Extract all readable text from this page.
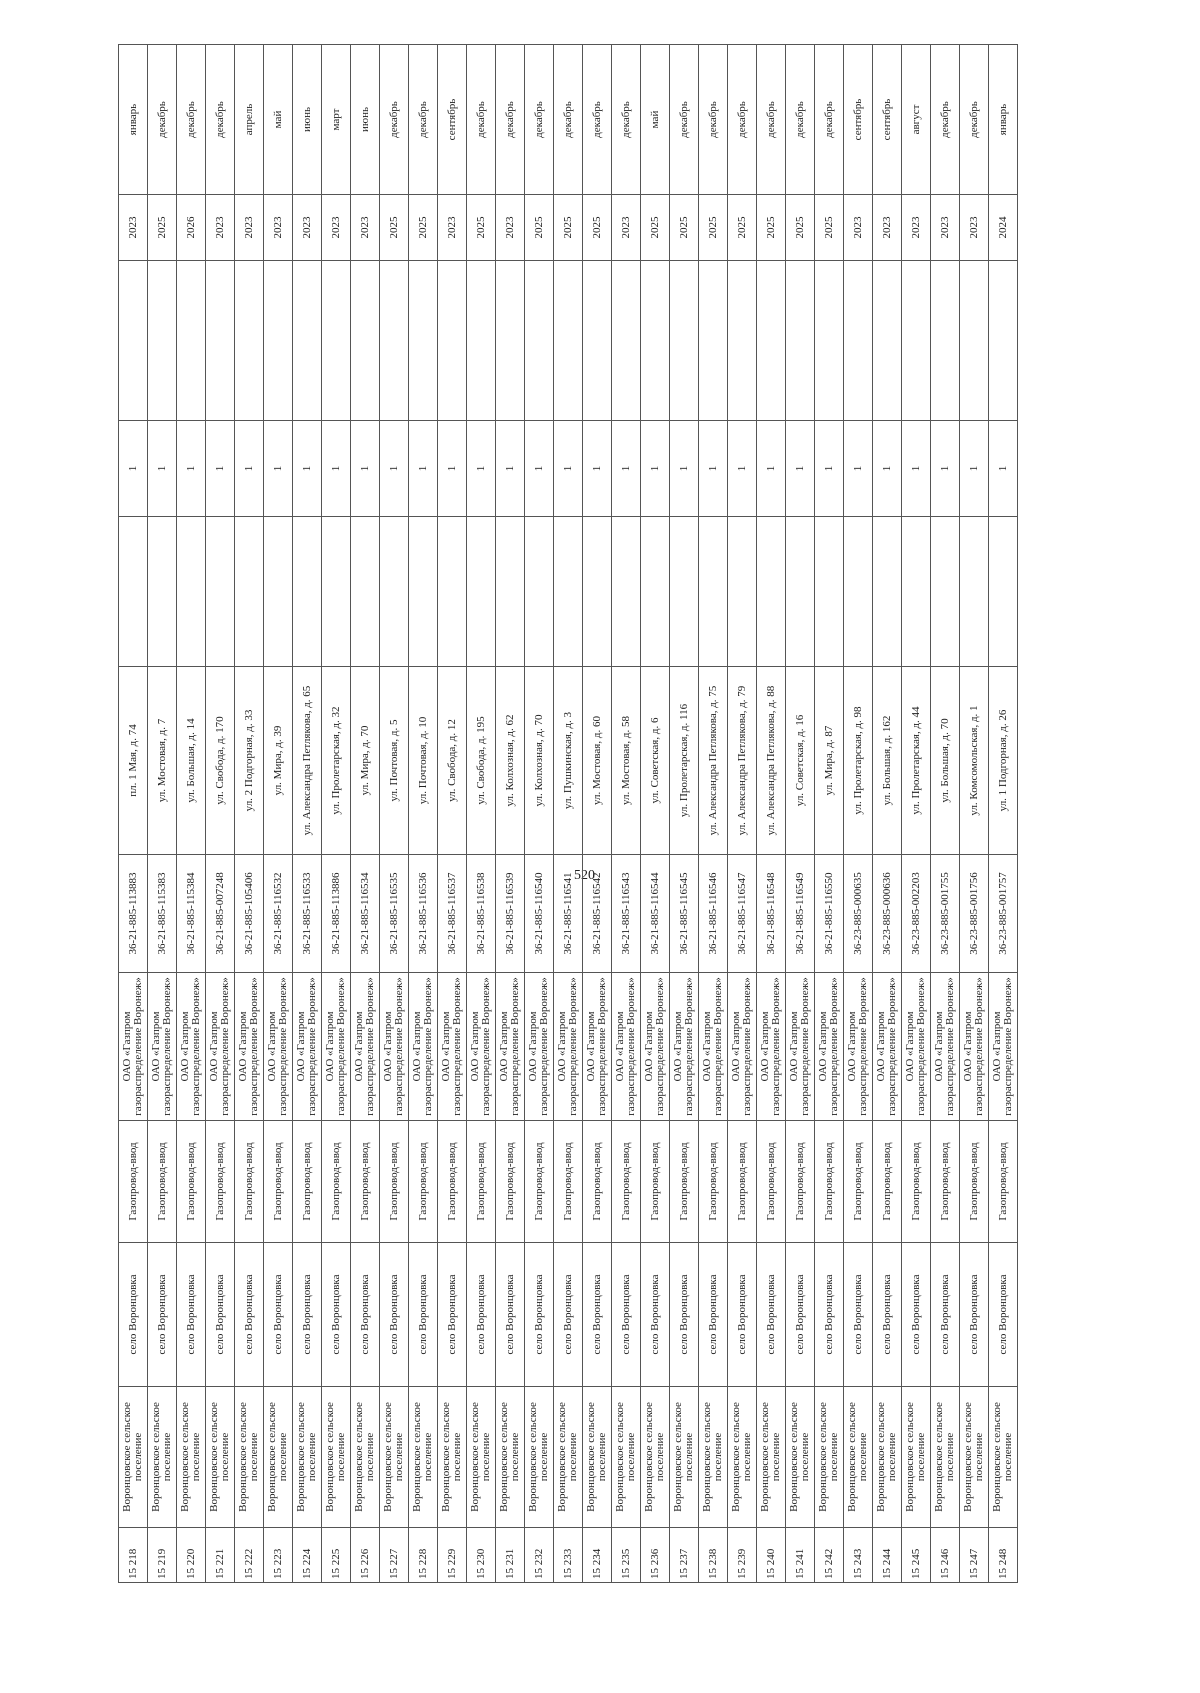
520
15 218	Воронцовское сельское поселение	село Воронцовка	Газопровод-ввод	ОАО «Газпром газораспределение Воронеж»	36-21-885-113883	пл. 1 Мая, д. 74		1		2023	январь
15 219	Воронцовское сельское поселение	село Воронцовка	Газопровод-ввод	ОАО «Газпром газораспределение Воронеж»	36-21-885-115383	ул. Мостовая, д. 7		1		2025	декабрь
15 220	Воронцовское сельское поселение	село Воронцовка	Газопровод-ввод	ОАО «Газпром газораспределение Воронеж»	36-21-885-115384	ул. Большая, д. 14		1		2026	декабрь
15 221	Воронцовское сельское поселение	село Воронцовка	Газопровод-ввод	ОАО «Газпром газораспределение Воронеж»	36-21-885-007248	ул. Свобода, д. 170		1		2023	декабрь
15 222	Воронцовское сельское поселение	село Воронцовка	Газопровод-ввод	ОАО «Газпром газораспределение Воронеж»	36-21-885-105406	ул. 2 Подгорная, д. 33		1		2023	апрель
15 223	Воронцовское сельское поселение	село Воронцовка	Газопровод-ввод	ОАО «Газпром газораспределение Воронеж»	36-21-885-116532	ул. Мира, д. 39		1		2023	май
15 224	Воронцовское сельское поселение	село Воронцовка	Газопровод-ввод	ОАО «Газпром газораспределение Воронеж»	36-21-885-116533	ул. Александра Петлякова, д. 65		1		2023	июнь
15 225	Воронцовское сельское поселение	село Воронцовка	Газопровод-ввод	ОАО «Газпром газораспределение Воронеж»	36-21-885-113886	ул. Пролетарская, д. 32		1		2023	март
15 226	Воронцовское сельское поселение	село Воронцовка	Газопровод-ввод	ОАО «Газпром газораспределение Воронеж»	36-21-885-116534	ул. Мира, д. 70		1		2023	июнь
15 227	Воронцовское сельское поселение	село Воронцовка	Газопровод-ввод	ОАО «Газпром газораспределение Воронеж»	36-21-885-116535	ул. Почтовая, д. 5		1		2025	декабрь
15 228	Воронцовское сельское поселение	село Воронцовка	Газопровод-ввод	ОАО «Газпром газораспределение Воронеж»	36-21-885-116536	ул. Почтовая, д. 10		1		2025	декабрь
15 229	Воронцовское сельское поселение	село Воронцовка	Газопровод-ввод	ОАО «Газпром газораспределение Воронеж»	36-21-885-116537	ул. Свобода, д. 12		1		2023	сентябрь
15 230	Воронцовское сельское поселение	село Воронцовка	Газопровод-ввод	ОАО «Газпром газораспределение Воронеж»	36-21-885-116538	ул. Свобода, д. 195		1		2025	декабрь
15 231	Воронцовское сельское поселение	село Воронцовка	Газопровод-ввод	ОАО «Газпром газораспределение Воронеж»	36-21-885-116539	ул. Колхозная, д. 62		1		2023	декабрь
15 232	Воронцовское сельское поселение	село Воронцовка	Газопровод-ввод	ОАО «Газпром газораспределение Воронеж»	36-21-885-116540	ул. Колхозная, д. 70		1		2025	декабрь
15 233	Воронцовское сельское поселение	село Воронцовка	Газопровод-ввод	ОАО «Газпром газораспределение Воронеж»	36-21-885-116541	ул. Пушкинская, д. 3		1		2025	декабрь
15 234	Воронцовское сельское поселение	село Воронцовка	Газопровод-ввод	ОАО «Газпром газораспределение Воронеж»	36-21-885-116542	ул. Мостовая, д. 60		1		2025	декабрь
15 235	Воронцовское сельское поселение	село Воронцовка	Газопровод-ввод	ОАО «Газпром газораспределение Воронеж»	36-21-885-116543	ул. Мостовая, д. 58		1		2023	декабрь
15 236	Воронцовское сельское поселение	село Воронцовка	Газопровод-ввод	ОАО «Газпром газораспределение Воронеж»	36-21-885-116544	ул. Советская, д. 6		1		2025	май
15 237	Воронцовское сельское поселение	село Воронцовка	Газопровод-ввод	ОАО «Газпром газораспределение Воронеж»	36-21-885-116545	ул. Пролетарская, д. 116		1		2025	декабрь
15 238	Воронцовское сельское поселение	село Воронцовка	Газопровод-ввод	ОАО «Газпром газораспределение Воронеж»	36-21-885-116546	ул. Александра Петлякова, д. 75		1		2025	декабрь
15 239	Воронцовское сельское поселение	село Воронцовка	Газопровод-ввод	ОАО «Газпром газораспределение Воронеж»	36-21-885-116547	ул. Александра Петлякова, д. 79		1		2025	декабрь
15 240	Воронцовское сельское поселение	село Воронцовка	Газопровод-ввод	ОАО «Газпром газораспределение Воронеж»	36-21-885-116548	ул. Александра Петлякова, д. 88		1		2025	декабрь
15 241	Воронцовское сельское поселение	село Воронцовка	Газопровод-ввод	ОАО «Газпром газораспределение Воронеж»	36-21-885-116549	ул. Советская, д. 16		1		2025	декабрь
15 242	Воронцовское сельское поселение	село Воронцовка	Газопровод-ввод	ОАО «Газпром газораспределение Воронеж»	36-21-885-116550	ул. Мира, д. 87		1		2025	декабрь
15 243	Воронцовское сельское поселение	село Воронцовка	Газопровод-ввод	ОАО «Газпром газораспределение Воронеж»	36-23-885-000635	ул. Пролетарская, д. 98		1		2023	сентябрь
15 244	Воронцовское сельское поселение	село Воронцовка	Газопровод-ввод	ОАО «Газпром газораспределение Воронеж»	36-23-885-000636	ул. Большая, д. 162		1		2023	сентябрь
15 245	Воронцовское сельское поселение	село Воронцовка	Газопровод-ввод	ОАО «Газпром газораспределение Воронеж»	36-23-885-002203	ул. Пролетарская, д. 44		1		2023	август
15 246	Воронцовское сельское поселение	село Воронцовка	Газопровод-ввод	ОАО «Газпром газораспределение Воронеж»	36-23-885-001755	ул. Большая, д. 70		1		2023	декабрь
15 247	Воронцовское сельское поселение	село Воронцовка	Газопровод-ввод	ОАО «Газпром газораспределение Воронеж»	36-23-885-001756	ул. Комсомольская, д. 1		1		2023	декабрь
15 248	Воронцовское сельское поселение	село Воронцовка	Газопровод-ввод	ОАО «Газпром газораспределение Воронеж»	36-23-885-001757	ул. 1 Подгорная, д. 26		1		2024	январь
